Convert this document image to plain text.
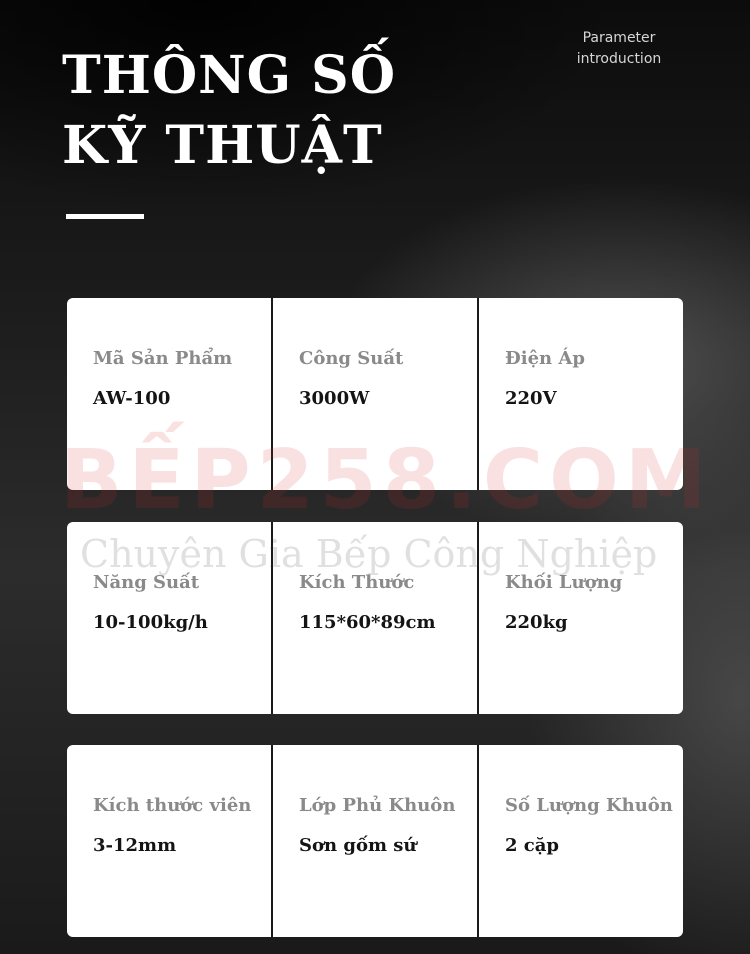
THÔNG SỐ
KỸ THUẬT
Parameter
introduction
Mã Sản Phẩm
AW-100
Công Suất
3000W
Điện Áp
220V
Năng Suất
10-100kg/h
Kích Thước
115*60*89cm
Khối Lượng
220kg
Kích thước viên
3-12mm
Lớp Phủ Khuôn
Sơn gốm sứ
Số Lượng Khuôn
2 cặp
